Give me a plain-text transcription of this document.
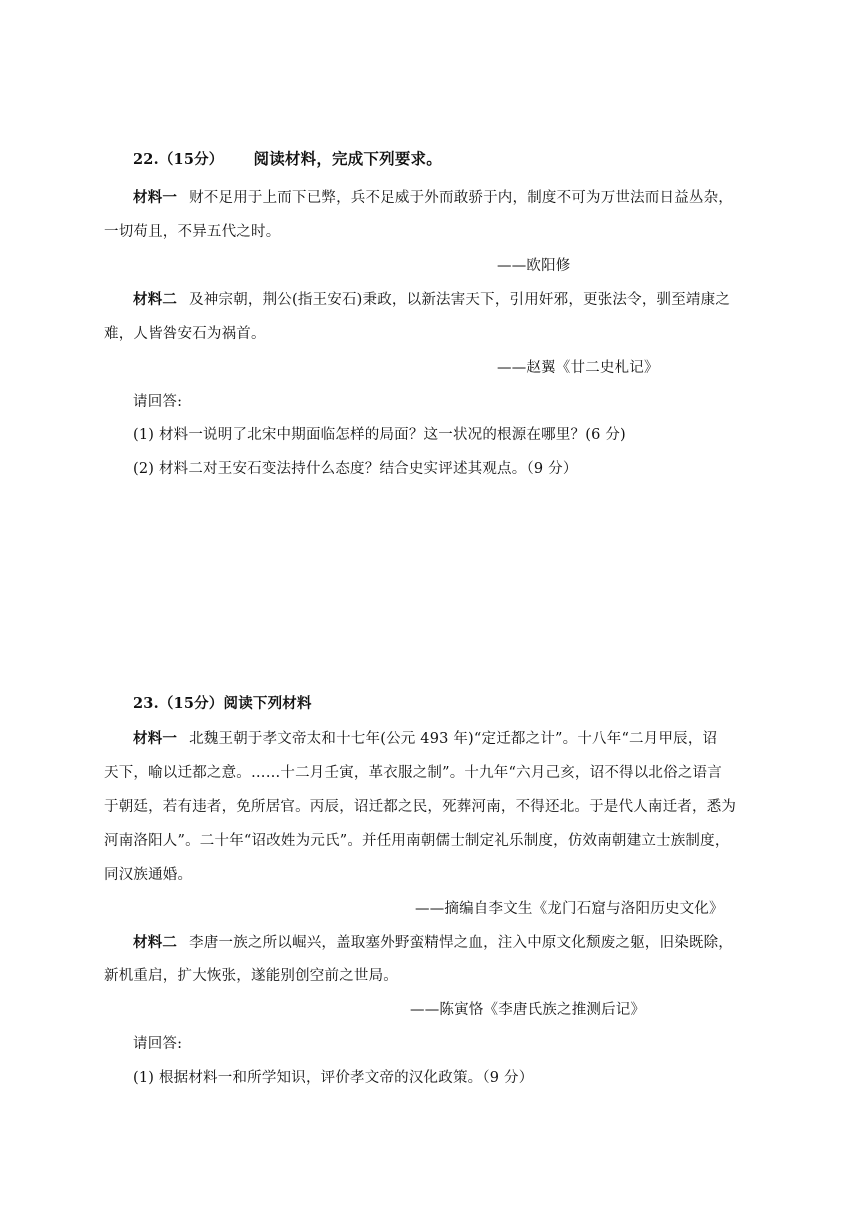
22.（15分） 阅读材料，完成下列要求。
材料一 财不足用于上而下已弊，兵不足威于外而敢骄于内，制度不可为万世法而日益丛杂，
一切苟且，不异五代之时。
——欧阳修
材料二 及神宗朝，荆公(指王安石)秉政，以新法害天下，引用奸邪，更张法令，驯至靖康之
难，人皆咎安石为祸首。
——赵翼《廿二史札记》
请回答:
(1) 材料一说明了北宋中期面临怎样的局面？这一状况的根源在哪里？(6 分)
(2) 材料二对王安石变法持什么态度？结合史实评述其观点。（9 分）
23.（15分）阅读下列材料
材料一 北魏王朝于孝文帝太和十七年(公元 493 年)“定迁都之计”。十八年“二月甲辰，诏
天下，喻以迁都之意。……十二月壬寅，革衣服之制”。十九年“六月己亥，诏不得以北俗之语言
于朝廷，若有违者，免所居官。丙辰，诏迁都之民，死葬河南，不得还北。于是代人南迁者，悉为
河南洛阳人”。二十年“诏改姓为元氏”。并任用南朝儒士制定礼乐制度，仿效南朝建立士族制度，
同汉族通婚。
——摘编自李文生《龙门石窟与洛阳历史文化》
材料二 李唐一族之所以崛兴，盖取塞外野蛮精悍之血，注入中原文化颓废之躯，旧染既除，
新机重启，扩大恢张，遂能别创空前之世局。
——陈寅恪《李唐氏族之推测后记》
请回答:
(1) 根据材料一和所学知识，评价孝文帝的汉化政策。（9 分）
